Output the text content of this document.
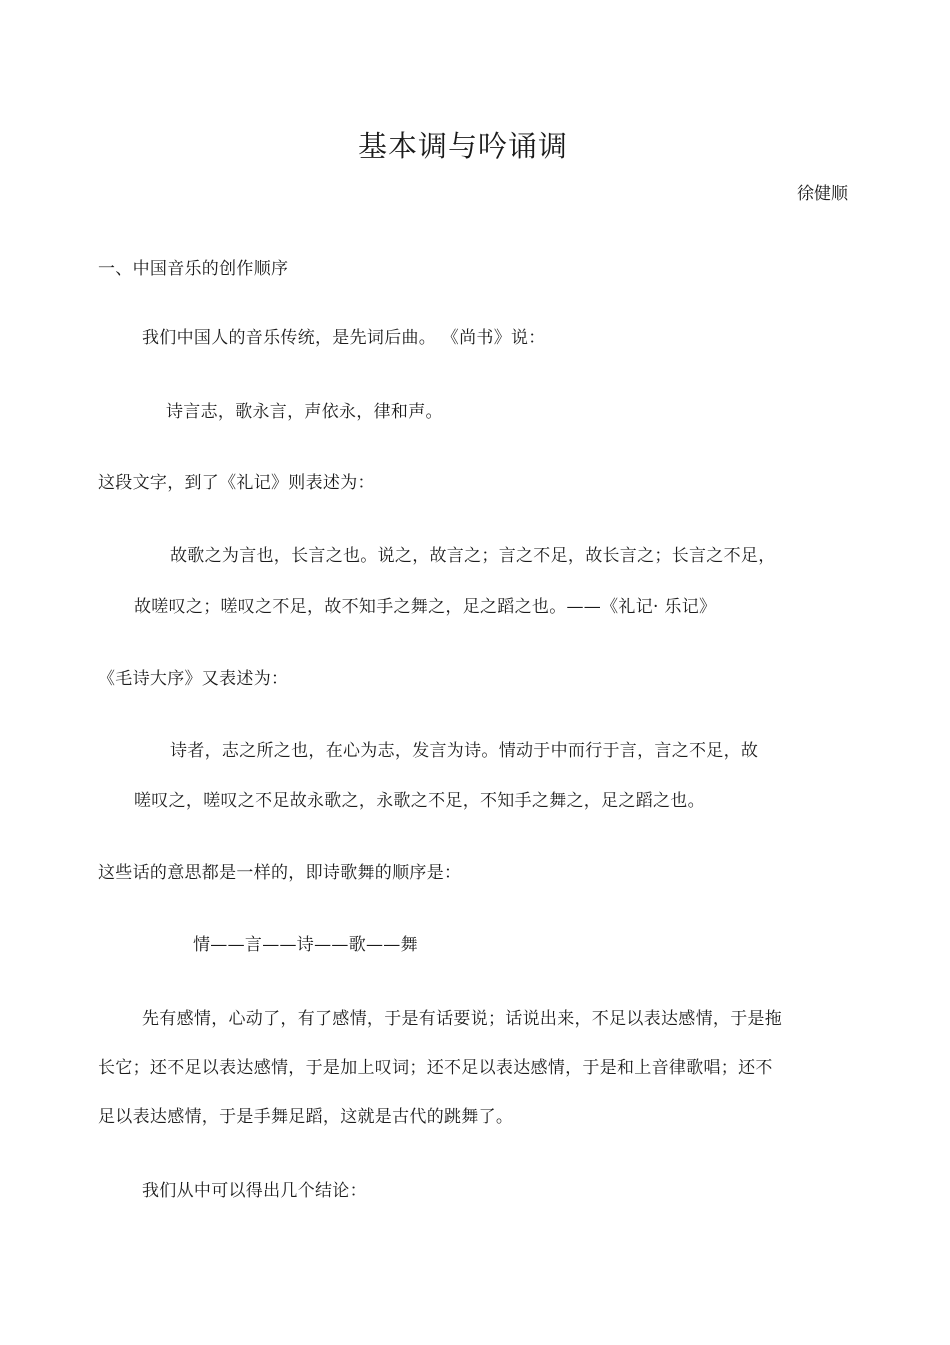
基本调与吟诵调
徐健顺
一、中国音乐的创作顺序
我们中国人的音乐传统，是先词后曲。 《尚书》说：
诗言志，歌永言，声依永，律和声。
这段文字，到了《礼记》则表述为：
故歌之为言也，长言之也。说之，故言之；言之不足，故长言之；长言之不足，
故嗟叹之；嗟叹之不足，故不知手之舞之，足之蹈之也。——《礼记· 乐记》
《毛诗大序》又表述为：
诗者，志之所之也，在心为志，发言为诗。情动于中而行于言，言之不足，故
嗟叹之，嗟叹之不足故永歌之，永歌之不足，不知手之舞之，足之蹈之也。
这些话的意思都是一样的，即诗歌舞的顺序是：
情——言——诗——歌——舞
先有感情，心动了，有了感情，于是有话要说；话说出来，不足以表达感情，于是拖
长它；还不足以表达感情，于是加上叹词；还不足以表达感情，于是和上音律歌唱；还不
足以表达感情，于是手舞足蹈，这就是古代的跳舞了。
我们从中可以得出几个结论：
